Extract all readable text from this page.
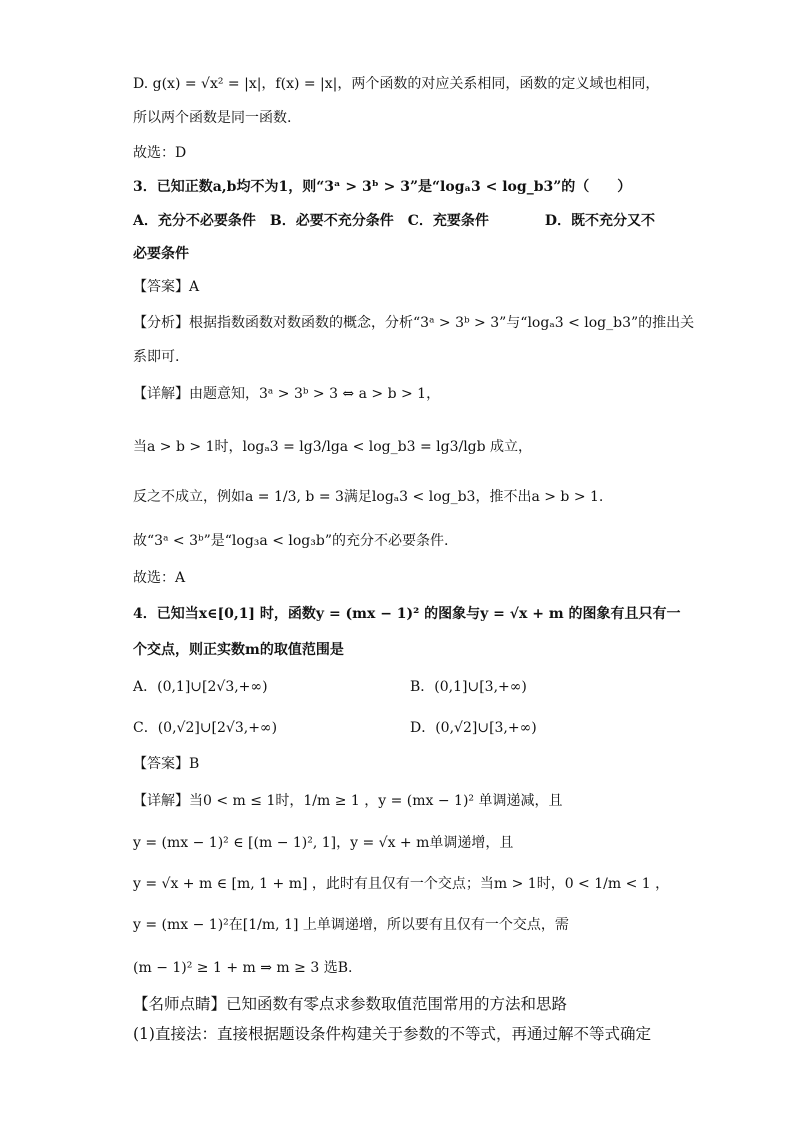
D. g(x) = √x² = |x|，f(x) = |x|，两个函数的对应关系相同，函数的定义域也相同，
所以两个函数是同一函数.
故选：D
3．已知正数a,b均不为1，则“3ᵃ > 3ᵇ > 3”是“logₐ3 < log_b3”的（　　）
A．充分不必要条件　B．必要不充分条件　C．充要条件　　　　D．既不充分又不
必要条件
【答案】A
【分析】根据指数函数对数函数的概念，分析“3ᵃ > 3ᵇ > 3”与“logₐ3 < log_b3”的推出关
系即可.
【详解】由题意知，3ᵃ > 3ᵇ > 3 ⇔ a > b > 1，
当a > b > 1时，logₐ3 = lg3/lga < log_b3 = lg3/lgb 成立，
反之不成立，例如a = 1/3, b = 3满足logₐ3 < log_b3，推不出a > b > 1.
故“3ᵃ < 3ᵇ”是“log₃a < log₃b”的充分不必要条件.
故选：A
4．已知当x∈[0,1] 时，函数y = (mx − 1)² 的图象与y = √x + m 的图象有且只有一
个交点，则正实数m的取值范围是
A．(0,1]∪[2√3,+∞)	B．(0,1]∪[3,+∞)
C．(0,√2]∪[2√3,+∞)	D．(0,√2]∪[3,+∞)
【答案】B
【详解】当0 < m ≤ 1时，1/m ≥ 1 ，y = (mx − 1)² 单调递减，且
y = (mx − 1)² ∈ [(m − 1)², 1]，y = √x + m单调递增，且
y = √x + m ∈ [m, 1 + m] ，此时有且仅有一个交点；当m > 1时，0 < 1/m < 1 ，
y = (mx − 1)²在[1/m, 1] 上单调递增，所以要有且仅有一个交点，需
(m − 1)² ≥ 1 + m ⇒ m ≥ 3 选B.
【名师点睛】已知函数有零点求参数取值范围常用的方法和思路
(1)直接法：直接根据题设条件构建关于参数的不等式，再通过解不等式确定
